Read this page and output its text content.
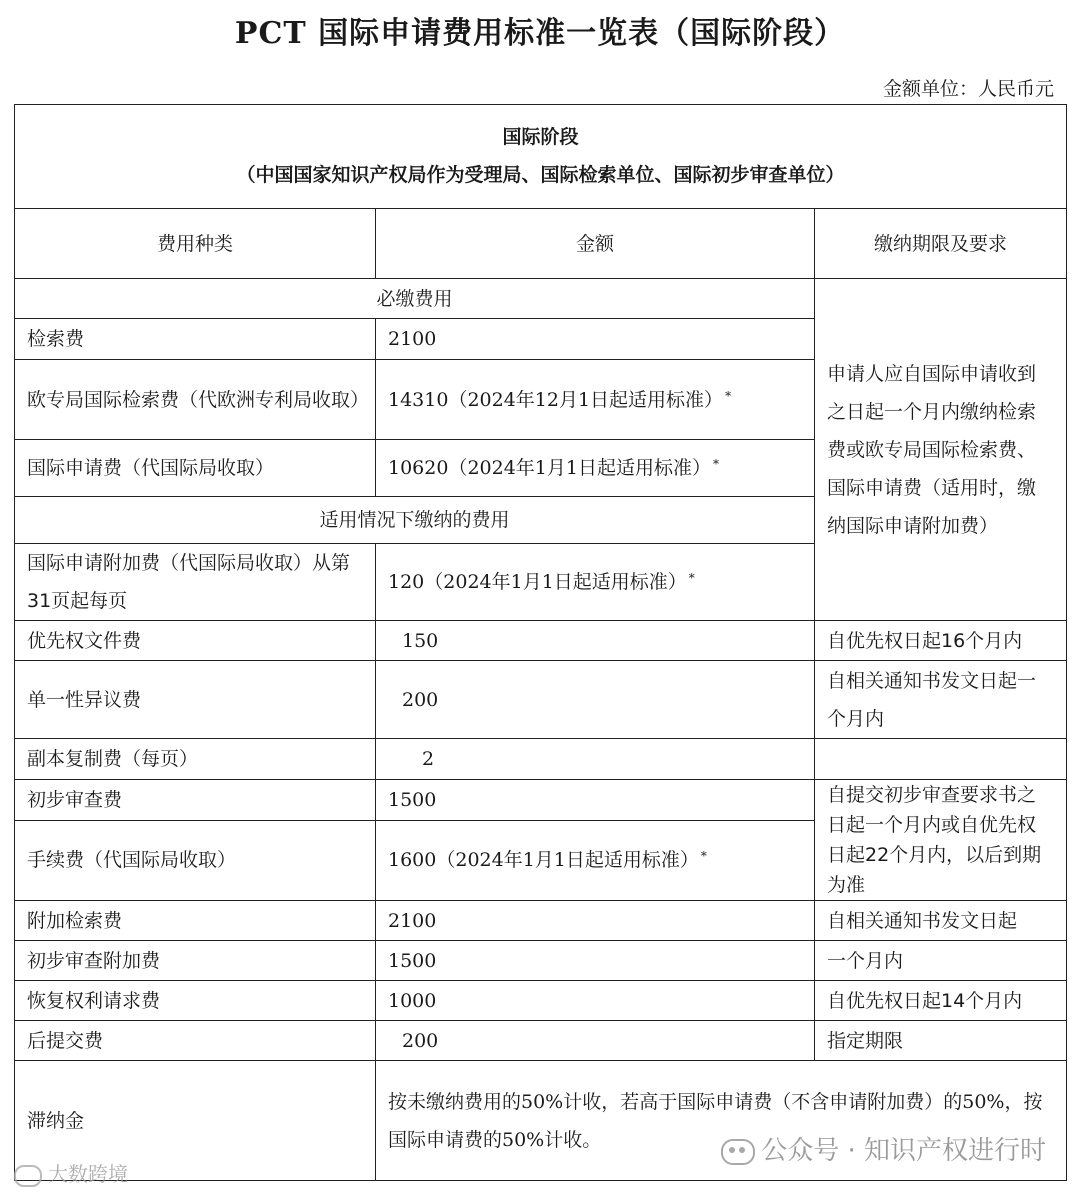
PCT 国际申请费用标准一览表（国际阶段）
金额单位：人民币元
国际阶段
（中国国家知识产权局作为受理局、国际检索单位、国际初步审查单位）		

费用种类	金额	缴纳期限及要求
必缴费用		申请人应自国际申请收到之日起一个月内缴纳检索费或欧专局国际检索费、国际申请费（适用时，缴纳国际申请附加费）
检索费	2100	
欧专局国际检索费（代欧洲专利局收取）	14310（2024年12月1日起适用标准） *
国际申请费（代国际局收取）	10620（2024年1月1日起适用标准） *
适用情况下缴纳的费用		
国际申请附加费（代国际局收取）从第31页起每页	120（2024年1月1日起适用标准） *
优先权文件费	150	自优先权日起16个月内
单一性异议费	200	自相关通知书发文日起一个月内
副本复制费（每页）	2	
初步审查费	1500	自提交初步审查要求书之日起一个月内或自优先权日起22个月内，以后到期为准
手续费（代国际局收取）	1600（2024年1月1日起适用标准） *
附加检索费	2100	自相关通知书发文日起
初步审查附加费	1500	一个月内
恢复权利请求费	1000	自优先权日起14个月内
后提交费	200	指定期限
滞纳金	按未缴纳费用的50%计收，若高于国际申请费（不含申请附加费）的50%，按国际申请费的50%计收。		公众号 · 知识产权进行时
大数跨境
